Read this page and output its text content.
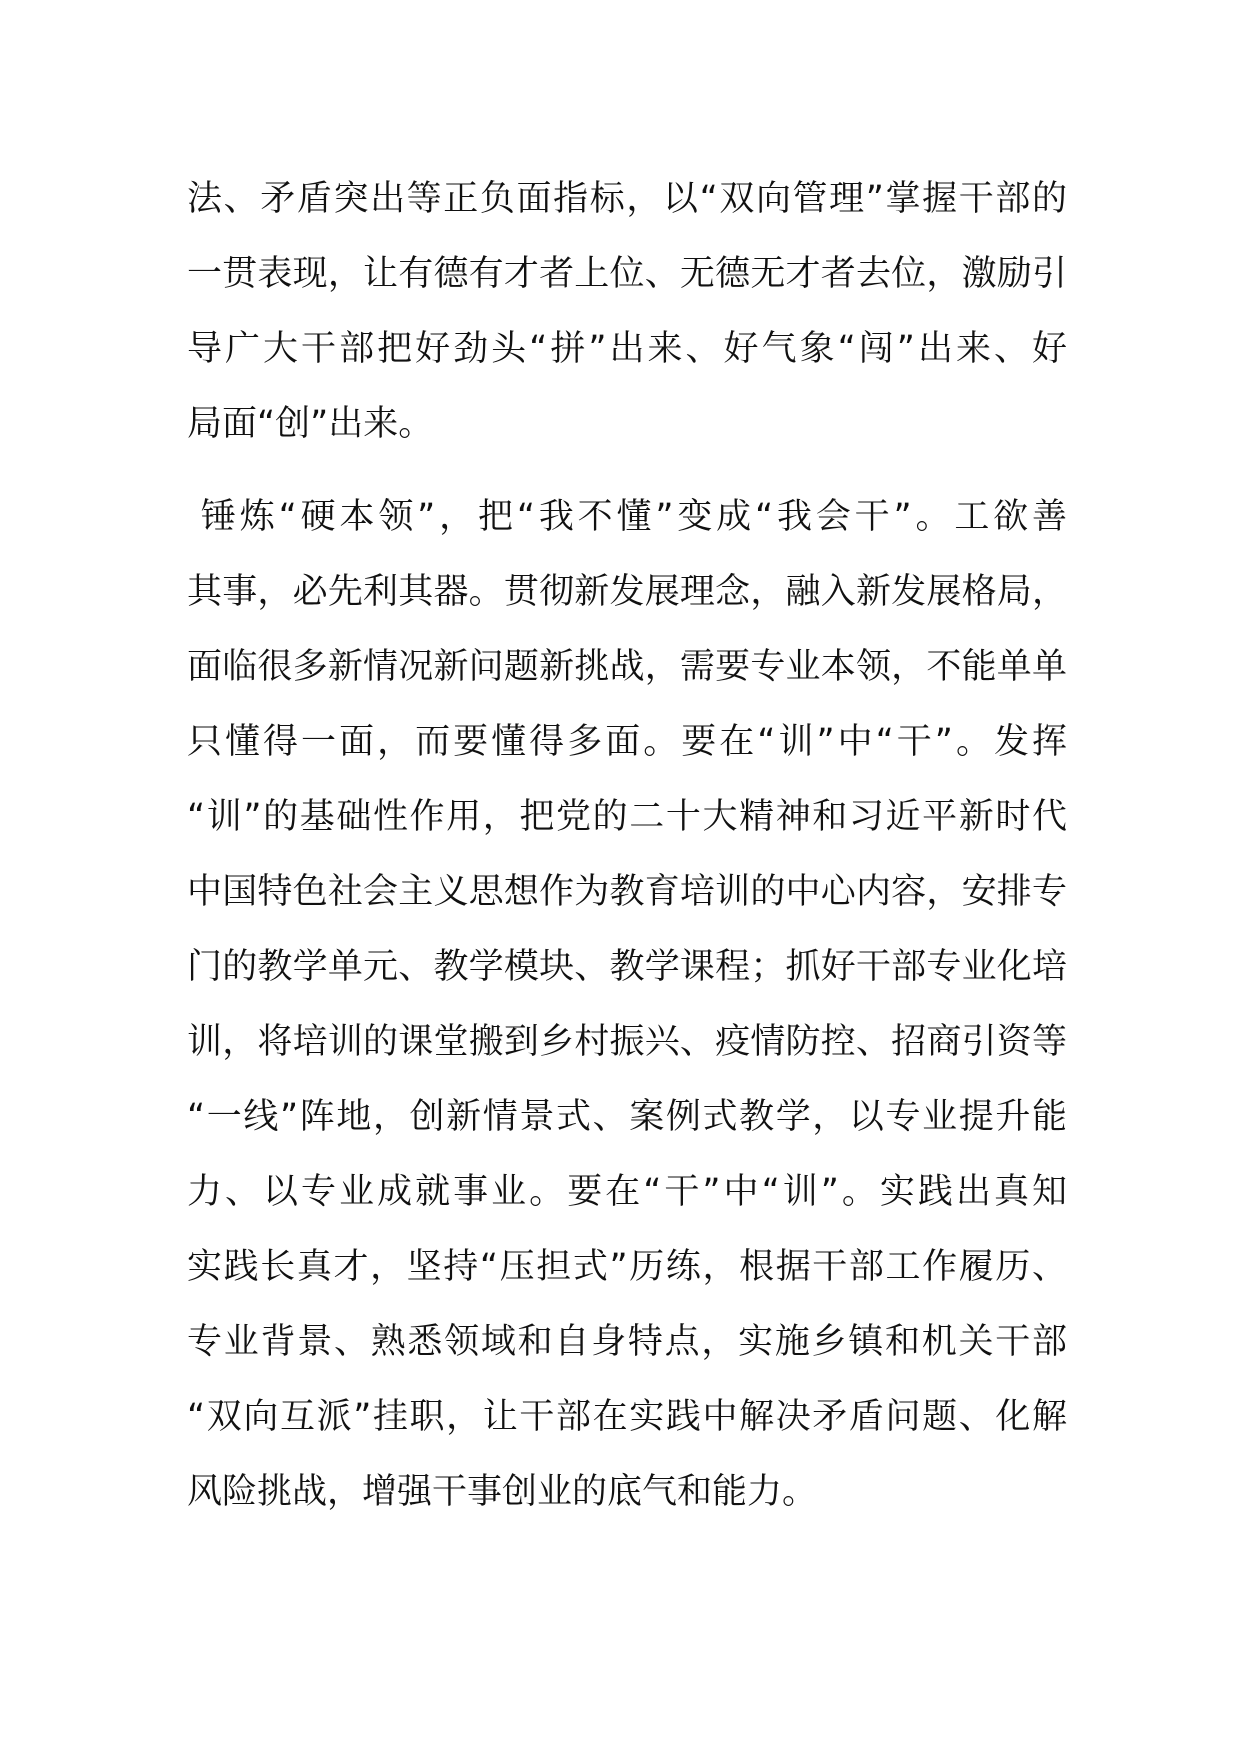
法、矛盾突出等正负面指标，以“双向管理”掌握干部的
一贯表现，让有德有才者上位、无德无才者去位，激励引
导广大干部把好劲头“拼”出来、好气象“闯”出来、好
局面“创”出来。
锤炼“硬本领”，把“我不懂”变成“我会干”。工欲善
其事，必先利其器。贯彻新发展理念，融入新发展格局，
面临很多新情况新问题新挑战，需要专业本领，不能单单
只懂得一面，而要懂得多面。要在“训”中“干”。发挥
“训”的基础性作用，把党的二十大精神和习近平新时代
中国特色社会主义思想作为教育培训的中心内容，安排专
门的教学单元、教学模块、教学课程；抓好干部专业化培
训，将培训的课堂搬到乡村振兴、疫情防控、招商引资等
“一线”阵地，创新情景式、案例式教学，以专业提升能
力、以专业成就事业。要在“干”中“训”。实践出真知
实践长真才，坚持“压担式”历练，根据干部工作履历、
专业背景、熟悉领域和自身特点，实施乡镇和机关干部
“双向互派”挂职，让干部在实践中解决矛盾问题、化解
风险挑战，增强干事创业的底气和能力。
